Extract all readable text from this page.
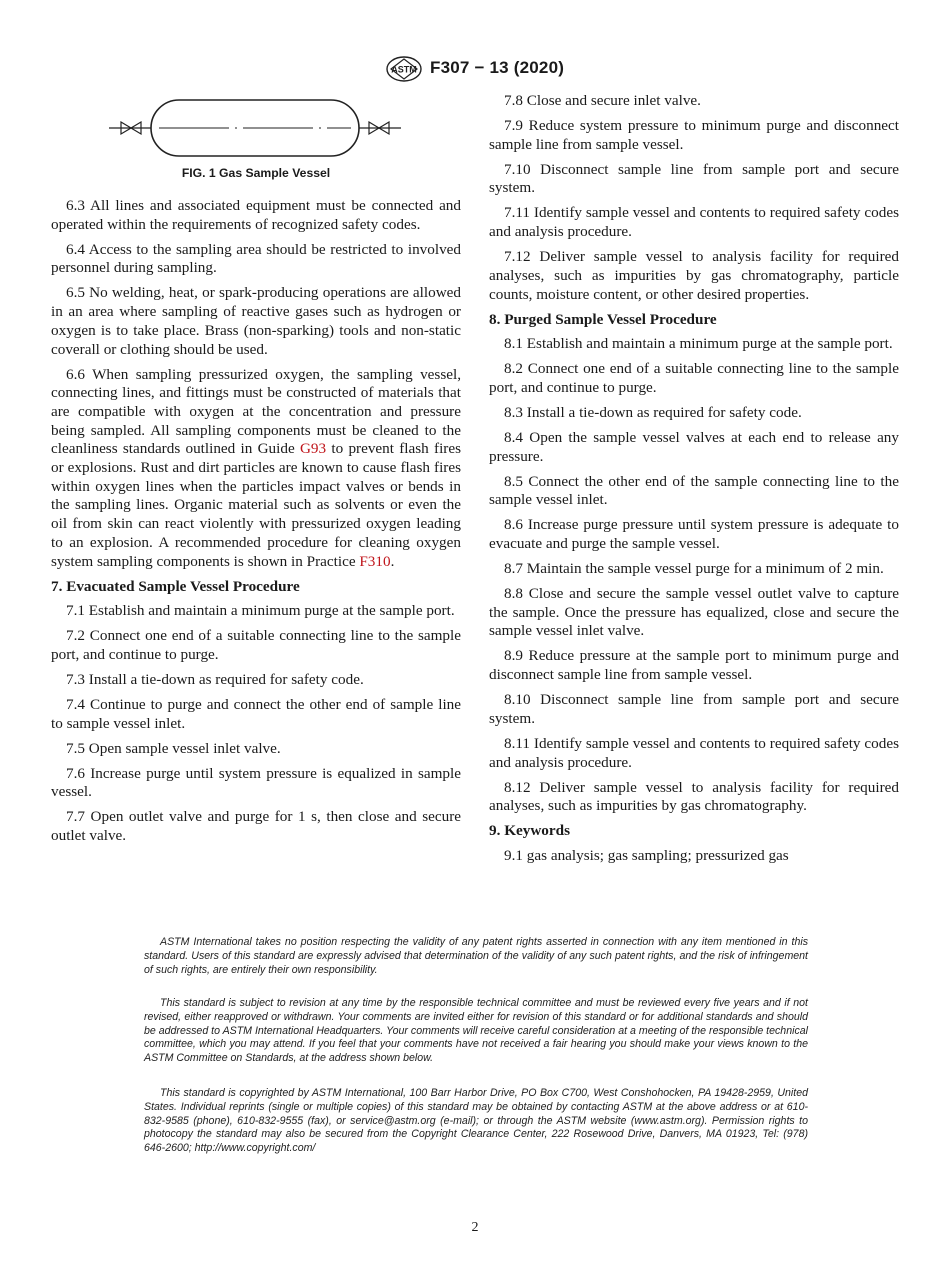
ASTM F307 − 13 (2020)
FIG. 1 Gas Sample Vessel

6.3 All lines and associated equipment must be connected and operated within the requirements of recognized safety codes.

6.4 Access to the sampling area should be restricted to involved personnel during sampling.

6.5 No welding, heat, or spark-producing operations are allowed in an area where sampling of reactive gases such as hydrogen or oxygen is to take place. Brass (non-sparking) tools and non-static coverall or clothing should be used.

6.6 When sampling pressurized oxygen, the sampling vessel, connecting lines, and fittings must be constructed of materials that are compatible with oxygen at the concentration and pressure being sampled. All sampling components must be cleaned to the cleanliness standards outlined in Guide G93 to prevent flash fires or explosions. Rust and dirt particles are known to cause flash fires within oxygen lines when the particles impact valves or bends in the sampling lines. Organic material such as solvents or even the oil from skin can react violently with pressurized oxygen leading to an explosion. A recommended procedure for cleaning oxygen system sampling components is shown in Practice F310.

7. Evacuated Sample Vessel Procedure

7.1 Establish and maintain a minimum purge at the sample port.

7.2 Connect one end of a suitable connecting line to the sample port, and continue to purge.

7.3 Install a tie-down as required for safety code.

7.4 Continue to purge and connect the other end of sample line to sample vessel inlet.

7.5 Open sample vessel inlet valve.

7.6 Increase purge until system pressure is equalized in sample vessel.

7.7 Open outlet valve and purge for 1 s, then close and secure outlet valve.

7.8 Close and secure inlet valve.

7.9 Reduce system pressure to minimum purge and disconnect sample line from sample vessel.

7.10 Disconnect sample line from sample port and secure system.

7.11 Identify sample vessel and contents to required safety codes and analysis procedure.

7.12 Deliver sample vessel to analysis facility for required analyses, such as impurities by gas chromatography, particle counts, moisture content, or other desired properties.

8. Purged Sample Vessel Procedure

8.1 Establish and maintain a minimum purge at the sample port.

8.2 Connect one end of a suitable connecting line to the sample port, and continue to purge.

8.3 Install a tie-down as required for safety code.

8.4 Open the sample vessel valves at each end to release any pressure.

8.5 Connect the other end of the sample connecting line to the sample vessel inlet.

8.6 Increase purge pressure until system pressure is adequate to evacuate and purge the sample vessel.

8.7 Maintain the sample vessel purge for a minimum of 2 min.

8.8 Close and secure the sample vessel outlet valve to capture the sample. Once the pressure has equalized, close and secure the sample vessel inlet valve.

8.9 Reduce pressure at the sample port to minimum purge and disconnect sample line from sample vessel.

8.10 Disconnect sample line from sample port and secure system.

8.11 Identify sample vessel and contents to required safety codes and analysis procedure.

8.12 Deliver sample vessel to analysis facility for required analyses, such as impurities by gas chromatography.

9. Keywords

9.1 gas analysis; gas sampling; pressurized gas

ASTM International takes no position respecting the validity of any patent rights asserted in connection with any item mentioned in this standard. Users of this standard are expressly advised that determination of the validity of any such patent rights, and the risk of infringement of such rights, are entirely their own responsibility.

This standard is subject to revision at any time by the responsible technical committee and must be reviewed every five years and if not revised, either reapproved or withdrawn. Your comments are invited either for revision of this standard or for additional standards and should be addressed to ASTM International Headquarters. Your comments will receive careful consideration at a meeting of the responsible technical committee, which you may attend. If you feel that your comments have not received a fair hearing you should make your views known to the ASTM Committee on Standards, at the address shown below.

This standard is copyrighted by ASTM International, 100 Barr Harbor Drive, PO Box C700, West Conshohocken, PA 19428-2959, United States. Individual reprints (single or multiple copies) of this standard may be obtained by contacting ASTM at the above address or at 610-832-9585 (phone), 610-832-9555 (fax), or service@astm.org (e-mail); or through the ASTM website (www.astm.org). Permission rights to photocopy the standard may also be secured from the Copyright Clearance Center, 222 Rosewood Drive, Danvers, MA 01923, Tel: (978) 646-2600; http://www.copyright.com/

2
